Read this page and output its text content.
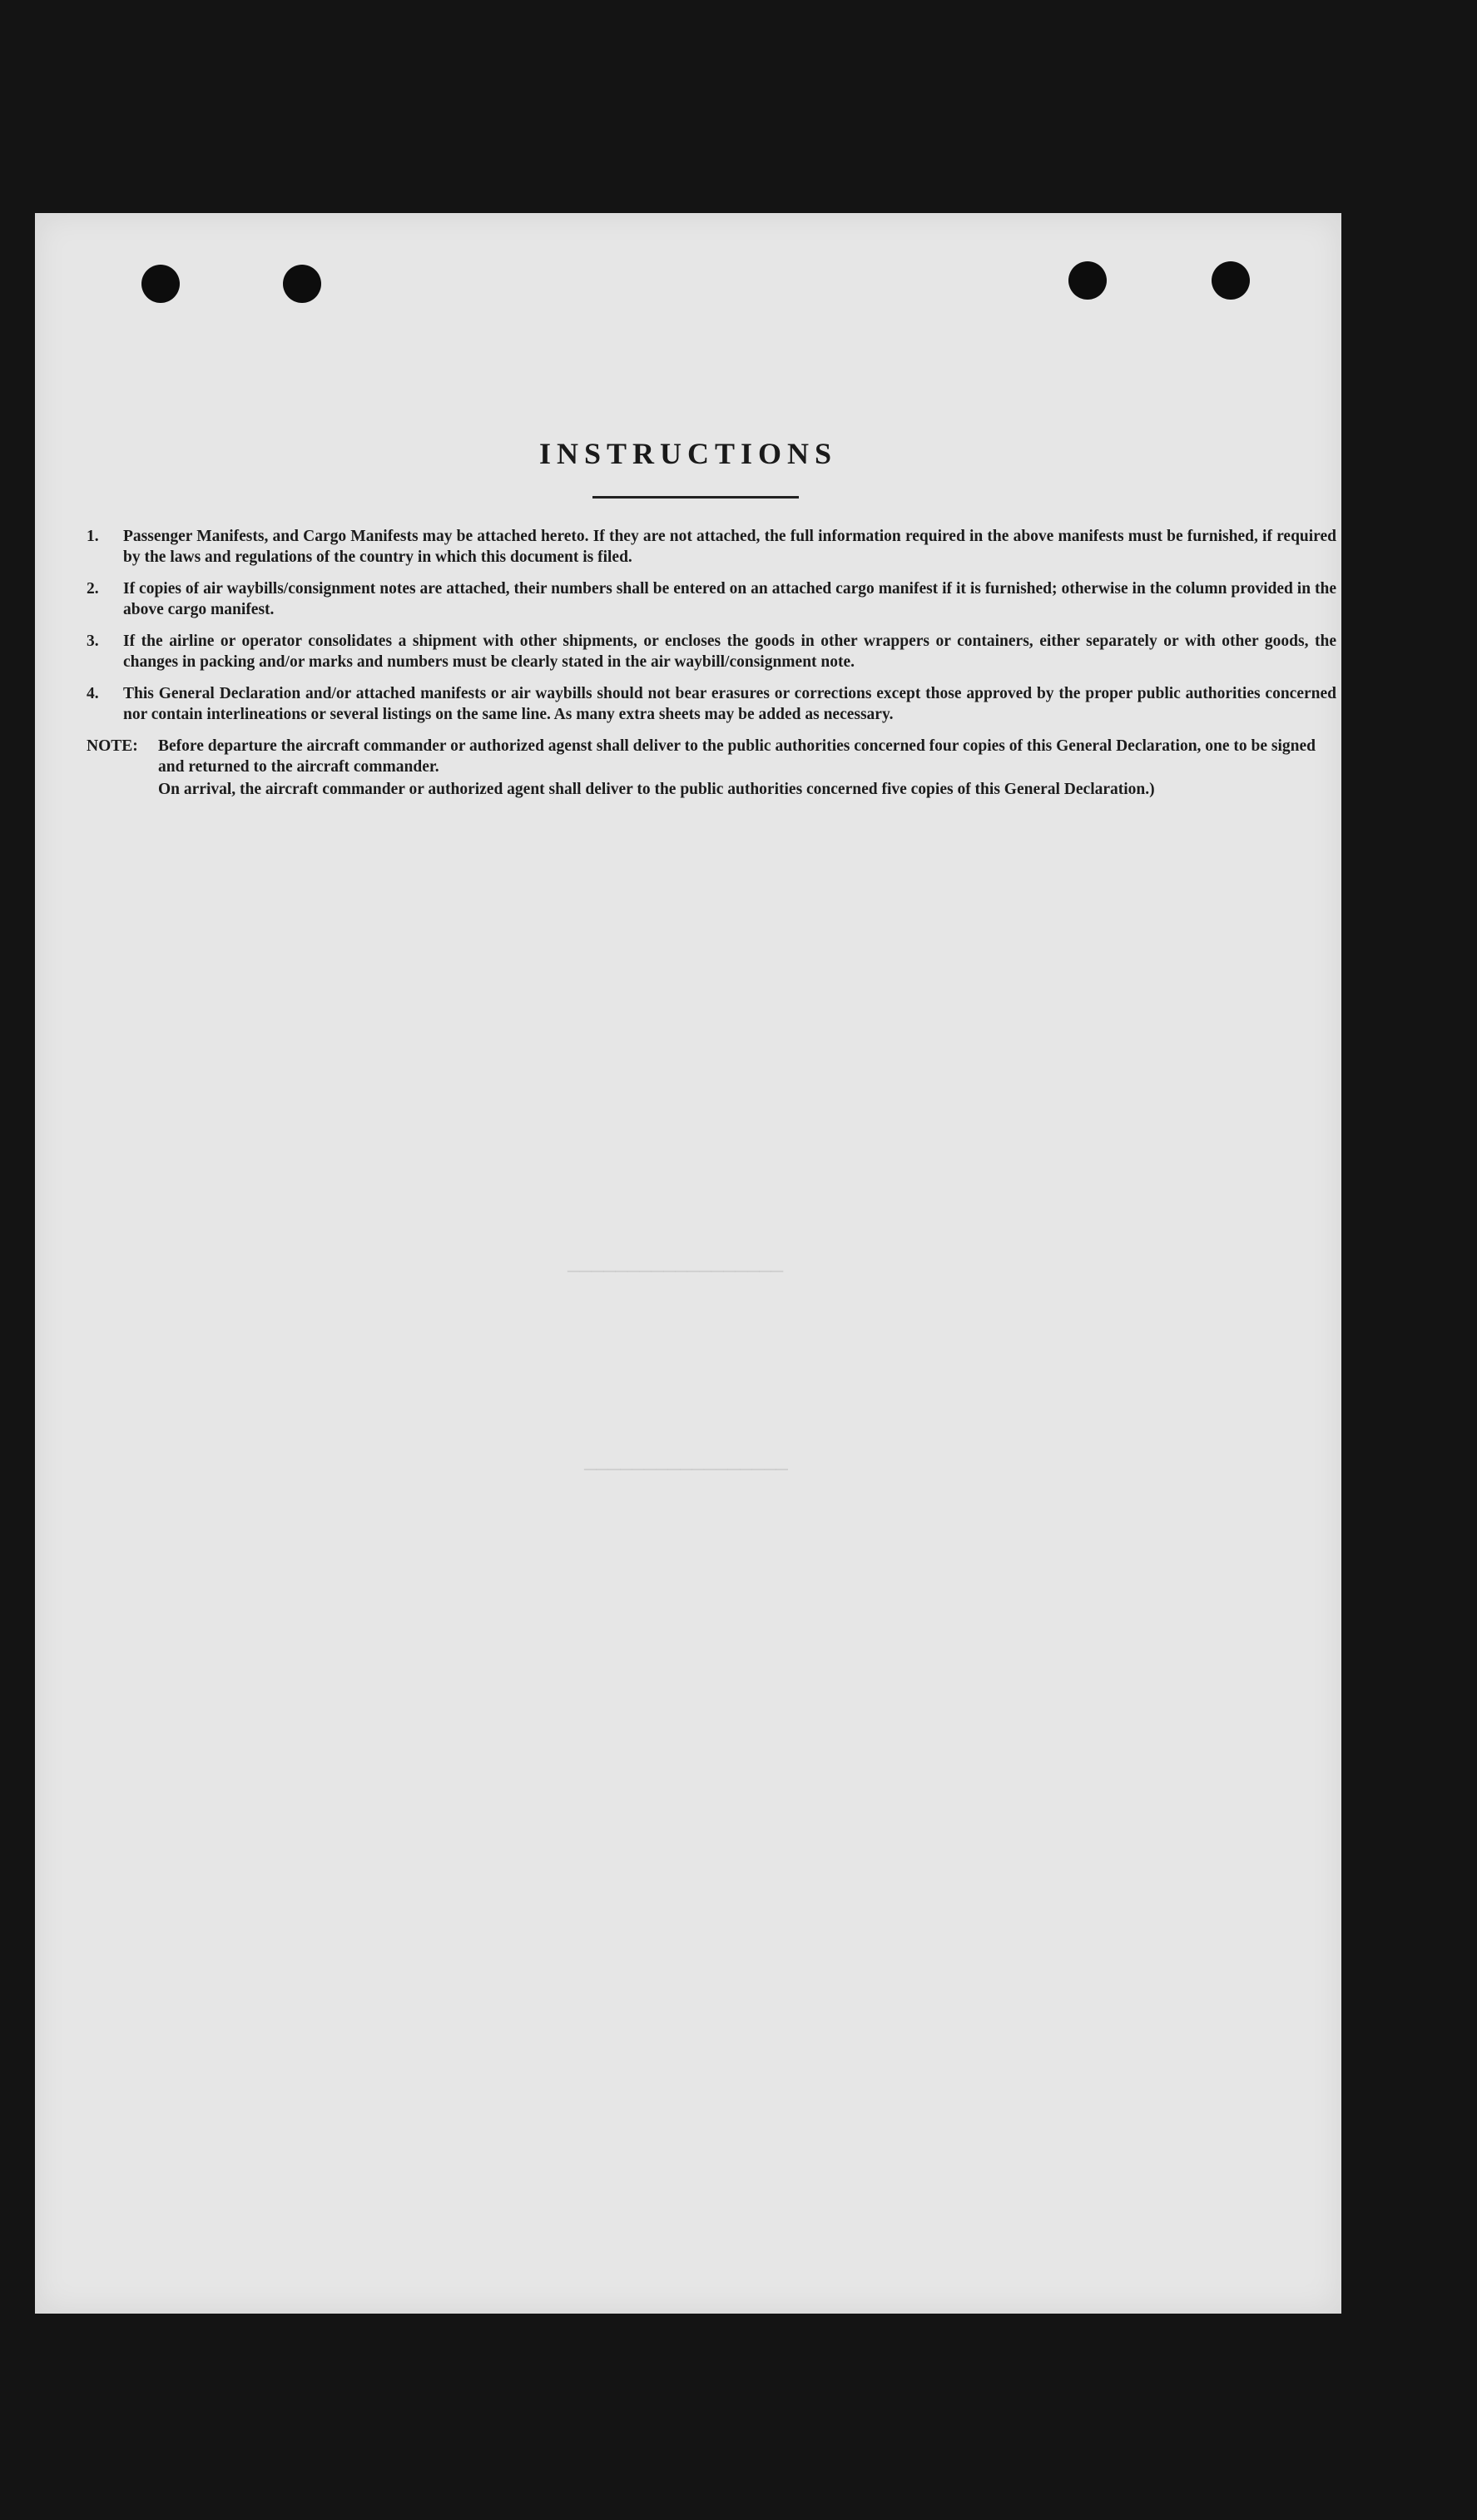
──────────────────
─────────────────
INSTRUCTIONS
1.	Passenger Manifests, and Cargo Manifests may be attached hereto. If they are not attached, the full information required in the above manifests must be furnished, if required by the laws and regulations of the country in which this document is filed.
2.	If copies of air waybills/consignment notes are attached, their numbers shall be entered on an attached cargo manifest if it is furnished; otherwise in the column provided in the above cargo manifest.
3.	If the airline or operator consolidates a shipment with other shipments, or encloses the goods in other wrappers or containers, either separately or with other goods, the changes in packing and/or marks and numbers must be clearly stated in the air waybill/consignment note.
4.	This General Declaration and/or attached manifests or air waybills should not bear erasures or corrections except those approved by the proper public authorities concerned nor contain interlineations or several listings on the same line. As many extra sheets may be added as necessary.
NOTE:	Before departure the aircraft commander or authorized agenst shall deliver to the public authorities concerned four copies of this General Declaration, one to be signed and returned to the aircraft commander.
On arrival, the aircraft commander or authorized agent shall deliver to the public authorities concerned five copies of this General Declaration.)
